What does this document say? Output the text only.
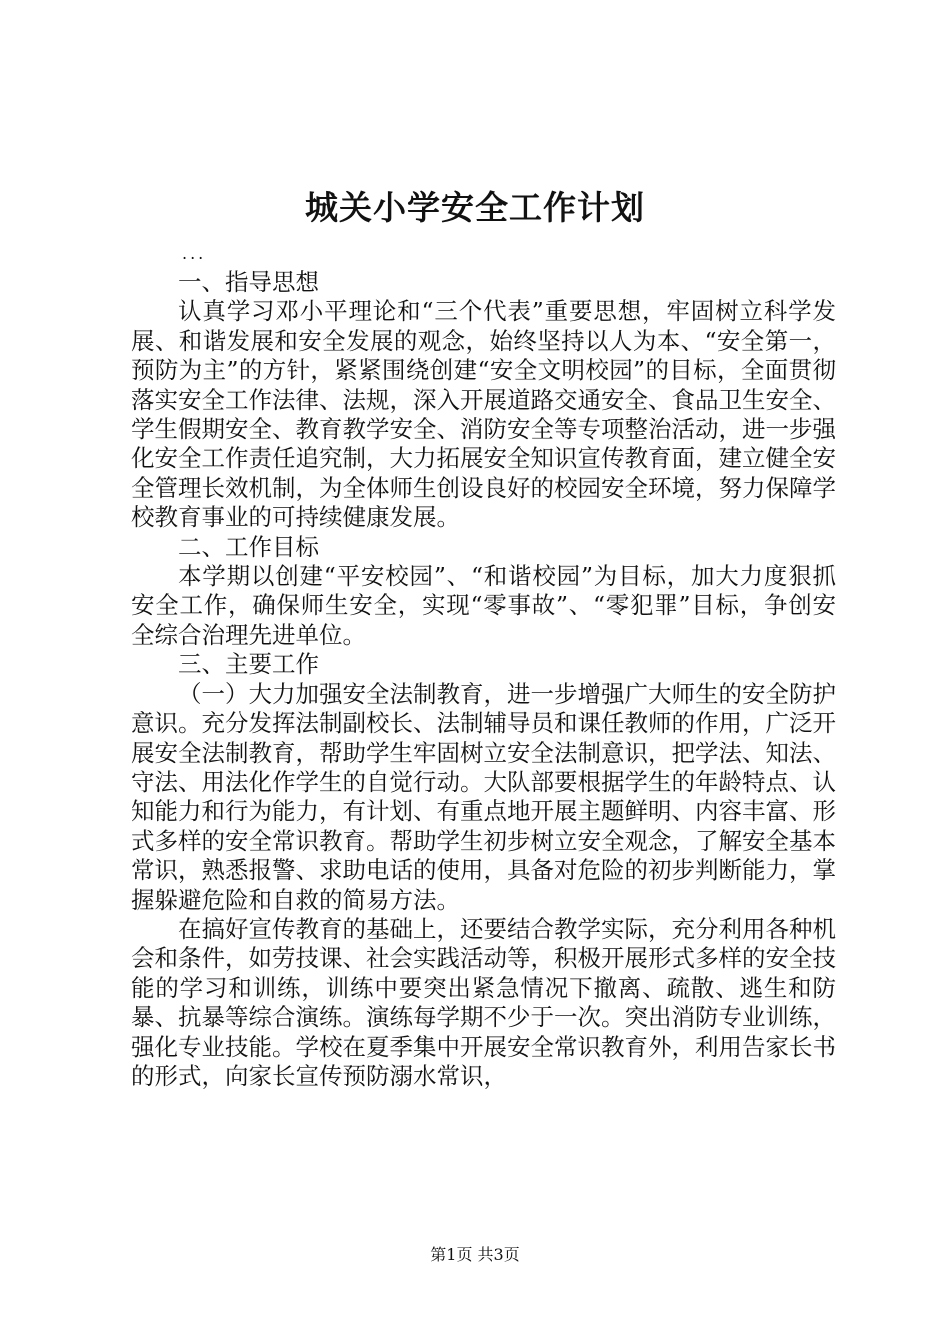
城关小学安全工作计划
...

一、指导思想

认真学习邓小平理论和“三个代表”重要思想，牢固树立科学发展、和谐发展和安全发展的观念，始终坚持以人为本、“安全第一，预防为主”的方针，紧紧围绕创建“安全文明校园”的目标，全面贯彻落实安全工作法律、法规，深入开展道路交通安全、食品卫生安全、学生假期安全、教育教学安全、消防安全等专项整治活动，进一步强化安全工作责任追究制，大力拓展安全知识宣传教育面，建立健全安全管理长效机制，为全体师生创设良好的校园安全环境，努力保障学校教育事业的可持续健康发展。

二、工作目标

本学期以创建“平安校园”、“和谐校园”为目标，加大力度狠抓安全工作，确保师生安全，实现“零事故”、“零犯罪”目标，争创安全综合治理先进单位。

三、主要工作

（一）大力加强安全法制教育，进一步增强广大师生的安全防护意识。充分发挥法制副校长、法制辅导员和课任教师的作用，广泛开展安全法制教育，帮助学生牢固树立安全法制意识，把学法、知法、守法、用法化作学生的自觉行动。大队部要根据学生的年龄特点、认知能力和行为能力，有计划、有重点地开展主题鲜明、内容丰富、形式多样的安全常识教育。帮助学生初步树立安全观念，了解安全基本常识，熟悉报警、求助电话的使用，具备对危险的初步判断能力，掌握躲避危险和自救的简易方法。

在搞好宣传教育的基础上，还要结合教学实际，充分利用各种机会和条件，如劳技课、社会实践活动等，积极开展形式多样的安全技能的学习和训练，训练中要突出紧急情况下撤离、疏散、逃生和防暴、抗暴等综合演练。演练每学期不少于一次。突出消防专业训练，强化专业技能。学校在夏季集中开展安全常识教育外，利用告家长书的形式，向家长宣传预防溺水常识，

第1页 共3页
